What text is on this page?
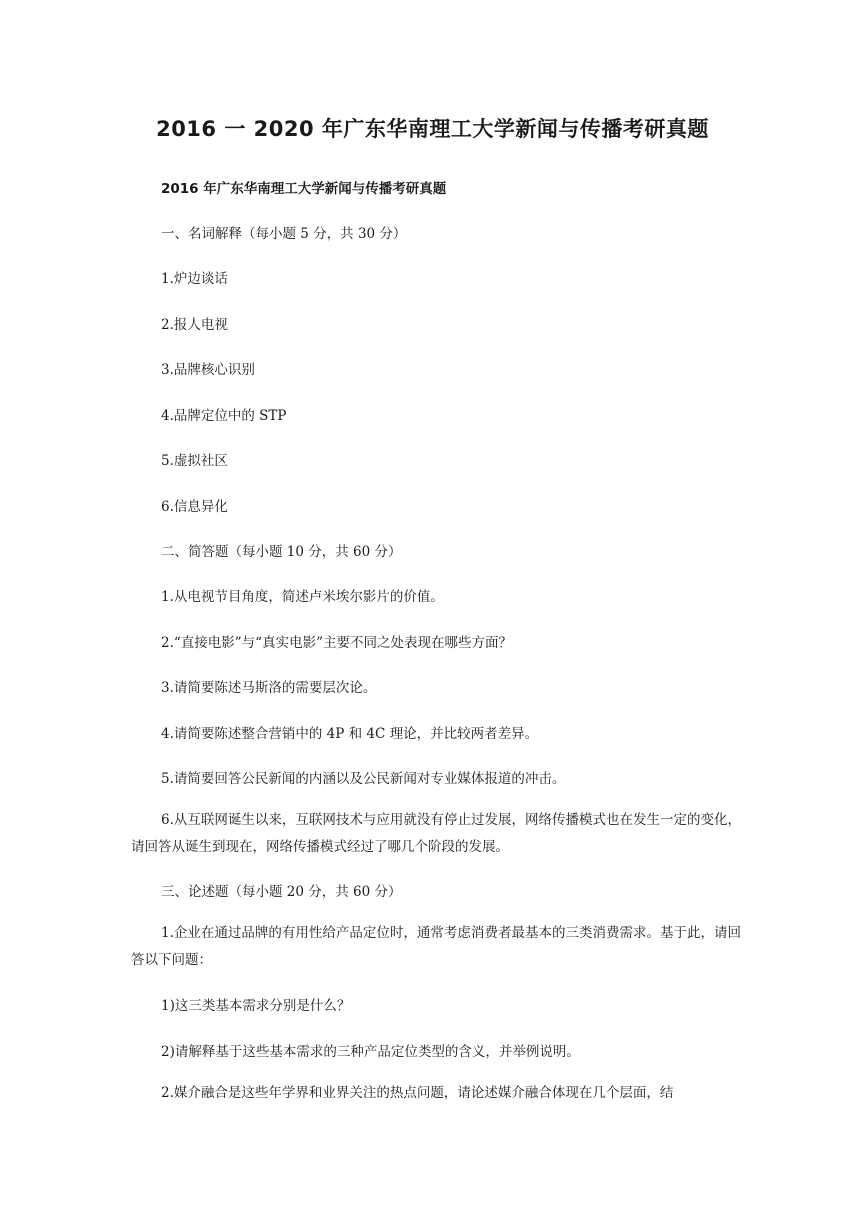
2016 一 2020 年广东华南理工大学新闻与传播考研真题
2016 年广东华南理工大学新闻与传播考研真题
一、名词解释（每小题 5 分，共 30 分）
1.炉边谈话
2.报人电视
3.品牌核心识别
4.品牌定位中的 STP
5.虚拟社区
6.信息异化
二、简答题（每小题 10 分，共 60 分）
1.从电视节目角度，简述卢米埃尔影片的价值。
2.“直接电影”与“真实电影”主要不同之处表现在哪些方面？
3.请简要陈述马斯洛的需要层次论。
4.请简要陈述整合营销中的 4P 和 4C 理论，并比较两者差异。
5.请简要回答公民新闻的内涵以及公民新闻对专业媒体报道的冲击。
6.从互联网诞生以来，互联网技术与应用就没有停止过发展，网络传播模式也在发生一定的变化，请回答从诞生到现在，网络传播模式经过了哪几个阶段的发展。
三、论述题（每小题 20 分，共 60 分）
1.企业在通过品牌的有用性给产品定位时，通常考虑消费者最基本的三类消费需求。基于此，请回答以下问题：
1)这三类基本需求分别是什么？
2)请解释基于这些基本需求的三种产品定位类型的含义，并举例说明。
2.媒介融合是这些年学界和业界关注的热点问题，请论述媒介融合体现在几个层面，结
